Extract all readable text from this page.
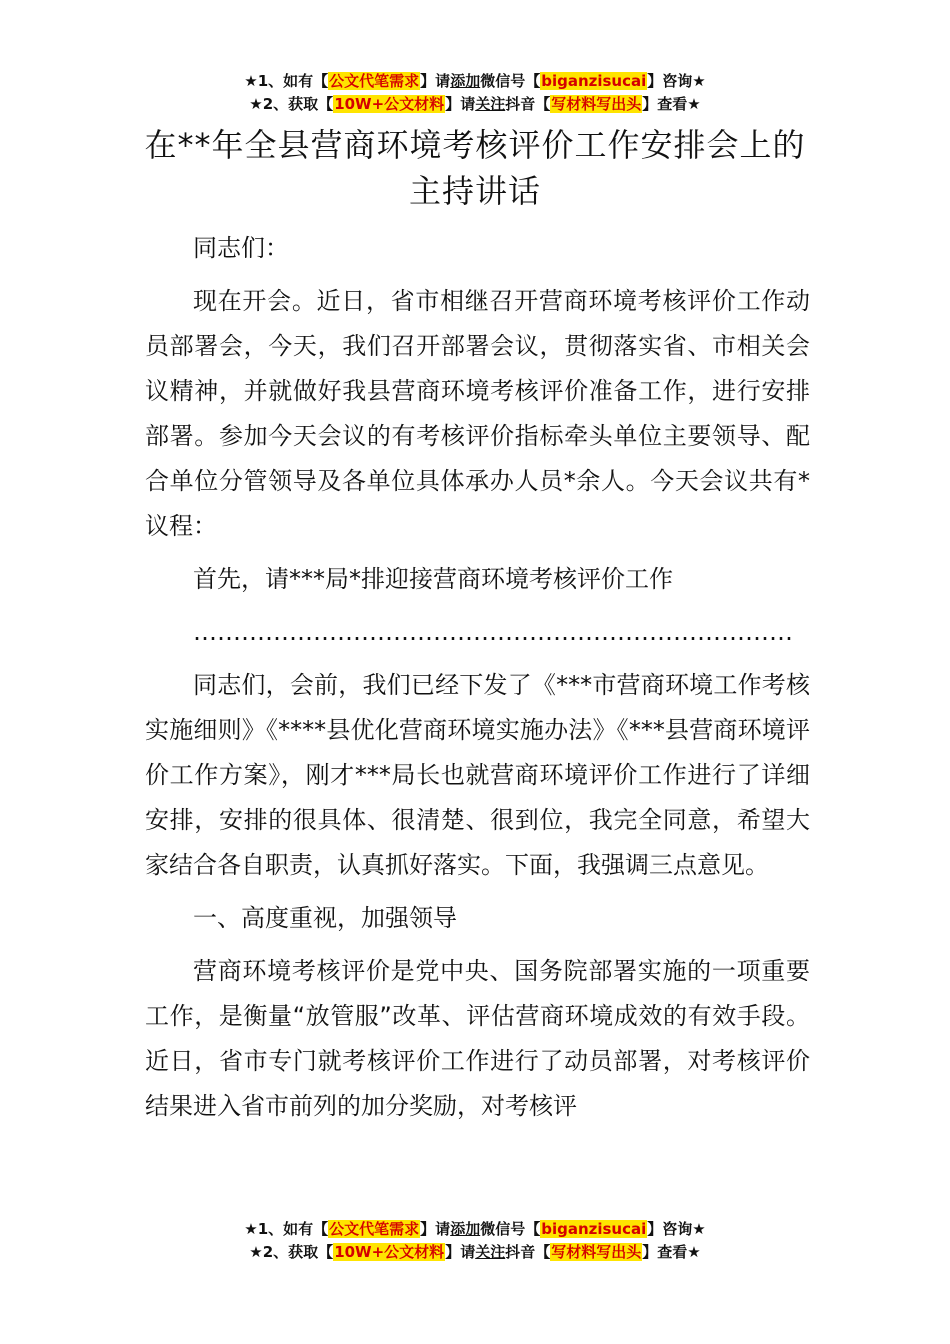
★1、如有【公文代笔需求】请添加微信号【biganzisucai】咨询★
★2、获取【10W+公文材料】请关注抖音【写材料写出头】查看★
在**年全县营商环境考核评价工作安排会上的主持讲话

同志们：

现在开会。近日，省市相继召开营商环境考核评价工作动员部署会，今天，我们召开部署会议，贯彻落实省、市相关会议精神，并就做好我县营商环境考核评价准备工作，进行安排部署。参加今天会议的有考核评价指标牵头单位主要领导、配合单位分管领导及各单位具体承办人员*余人。今天会议共有*议程：

首先，请***局*排迎接营商环境考核评价工作

…………………………………………………………………

同志们，会前，我们已经下发了《***市营商环境工作考核实施细则》《****县优化营商环境实施办法》《***县营商环境评价工作方案》，刚才***局长也就营商环境评价工作进行了详细安排，安排的很具体、很清楚、很到位，我完全同意，希望大家结合各自职责，认真抓好落实。下面，我强调三点意见。

一、高度重视，加强领导

营商环境考核评价是党中央、国务院部署实施的一项重要工作，是衡量“放管服”改革、评估营商环境成效的有效手段。近日，省市专门就考核评价工作进行了动员部署，对考核评价结果进入省市前列的加分奖励，对考核评

★1、如有【公文代笔需求】请添加微信号【biganzisucai】咨询★
★2、获取【10W+公文材料】请关注抖音【写材料写出头】查看★
